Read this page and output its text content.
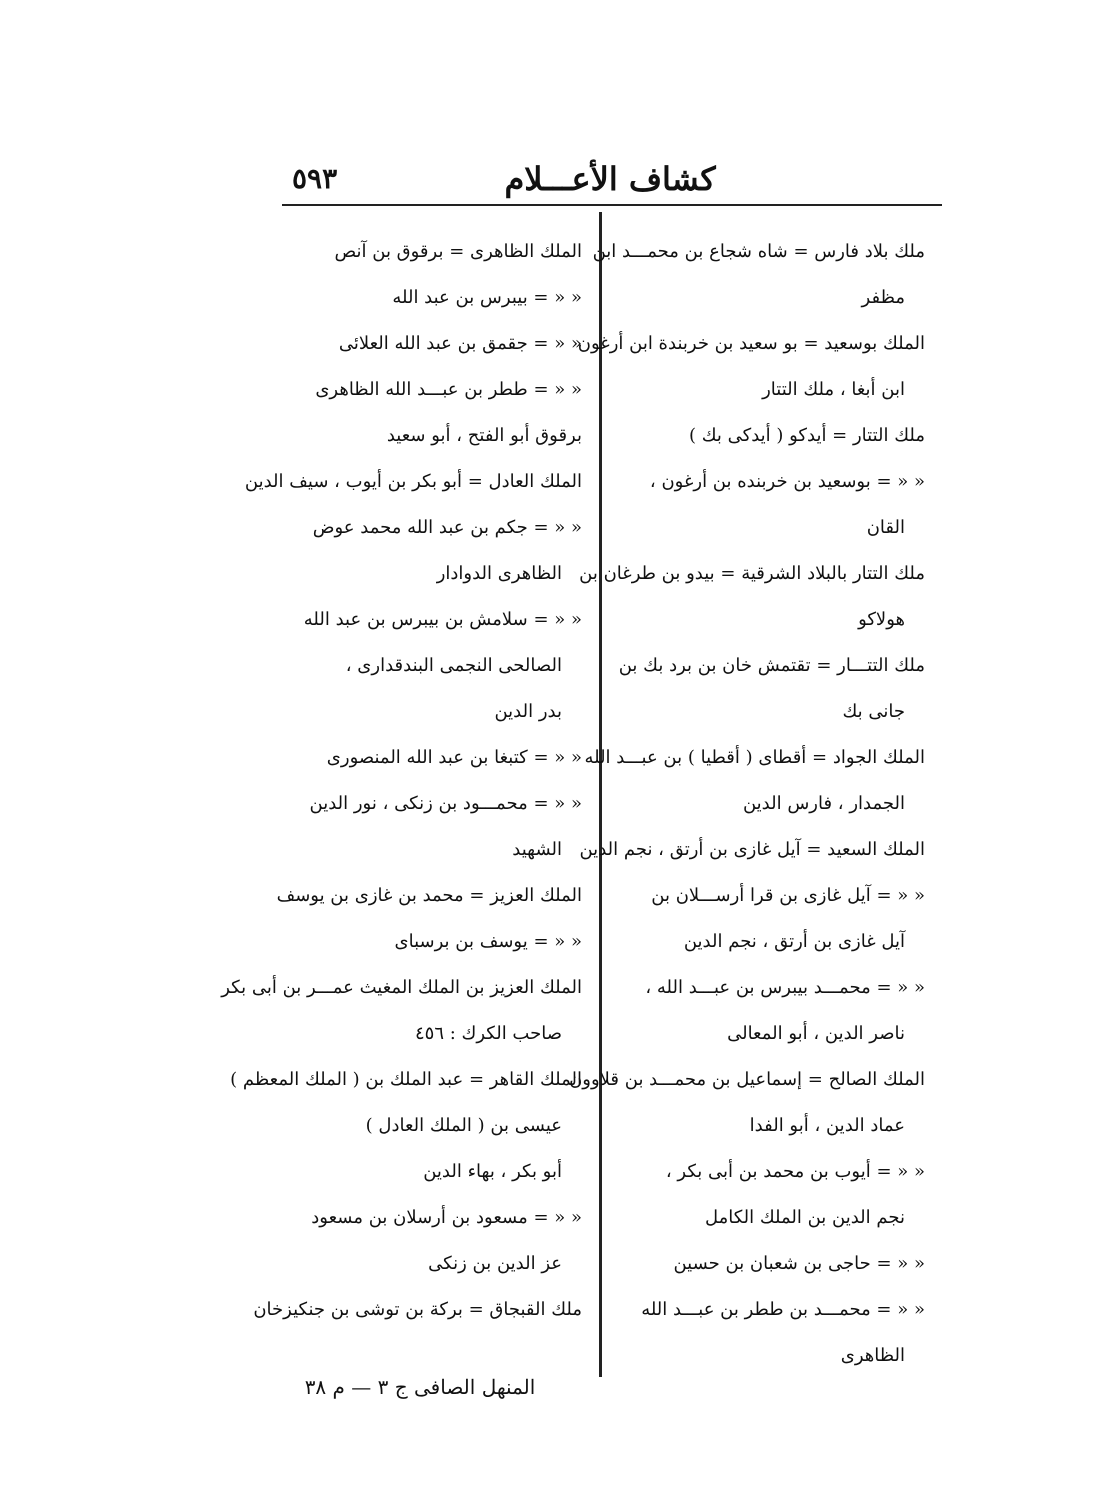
٥٩٣	كشاف الأعـــلام
ملك بلاد فارس = شاه شجاع بن محمـــد ابن
مظفر
الملك بوسعيد = بو سعيد بن خربندة ابن أرغون
ابن أبغا ، ملك التتار
ملك التتار = أيدكو ( أيدكى بك )
« « = بوسعيد بن خربنده بن أرغون ،
القان
ملك التتار بالبلاد الشرقية = بيدو بن طرغان بن
هولاكو
ملك التتـــار = تقتمش خان بن برد بك بن
جانى بك
الملك الجواد = أقطاى ( أقطيا ) بن عبـــد الله
الجمدار ، فارس الدين
الملك السعيد = آيل غازى بن أرتق ، نجم الدين
« « = آيل غازى بن قرا أرســـلان بن
آيل غازى بن أرتق ، نجم الدين
« « = محمـــد بيبرس بن عبـــد الله ،
ناصر الدين ، أبو المعالى
الملك الصالح = إسماعيل بن محمـــد بن قلاوون
عماد الدين ، أبو الفدا
« « = أيوب بن محمد بن أبى بكر ،
نجم الدين بن الملك الكامل
« « = حاجى بن شعبان بن حسين
« « = محمـــد بن ططر بن عبـــد الله
الظاهرى
الملك الظاهرى = برقوق بن آنص
« « = بيبرس بن عبد الله
« « = جقمق بن عبد الله العلائى
« « = ططر بن عبـــد الله الظاهرى
برقوق أبو الفتح ، أبو سعيد
الملك العادل = أبو بكر بن أيوب ، سيف الدين
« « = جكم بن عبد الله محمد عوض
الظاهرى الدوادار
« « = سلامش بن بيبرس بن عبد الله
الصالحى النجمى البندقدارى ،
بدر الدين
« « = كتبغا بن عبد الله المنصورى
« « = محمـــود بن زنكى ، نور الدين
الشهيد
الملك العزيز = محمد بن غازى بن يوسف
« « = يوسف بن برسباى
الملك العزيز بن الملك المغيث عمـــر بن أبى بكر
صاحب الكرك : ٤٥٦
الملك القاهر = عبد الملك بن ( الملك المعظم )
عيسى بن ( الملك العادل )
أبو بكر ، بهاء الدين
« « = مسعود بن أرسلان بن مسعود
عز الدين بن زنكى
ملك القبجاق = بركة بن توشى بن جنكيزخان
المنهل الصافى ج ٣ — م ٣٨
